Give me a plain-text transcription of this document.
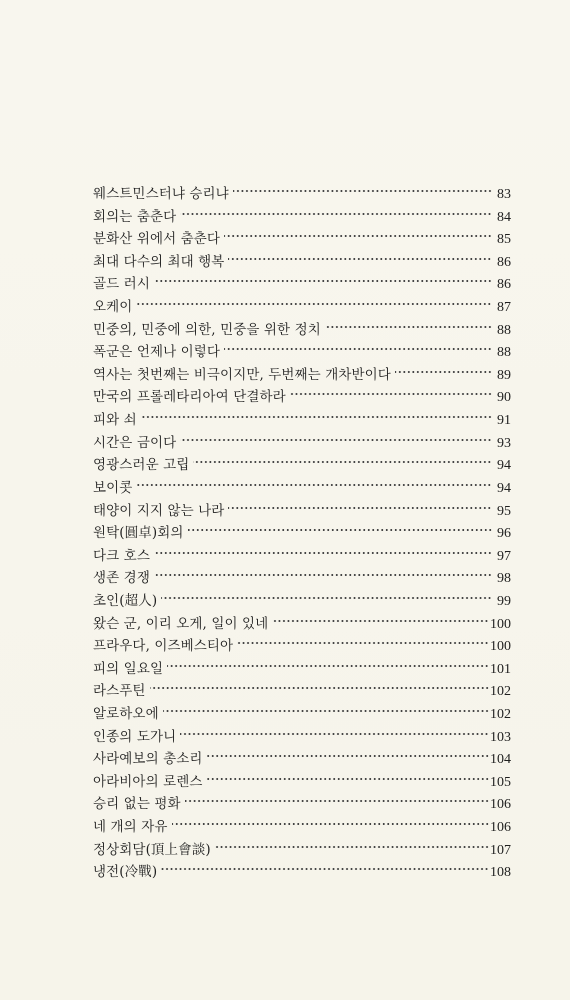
웨스트민스터냐 승리냐	83
회의는 춤춘다	84
분화산 위에서 춤춘다	85
최대 다수의 최대 행복	86
골드 러시	86
오케이	87
민중의, 민중에 의한, 민중을 위한 정치	88
폭군은 언제나 이렇다	88
역사는 첫번째는 비극이지만, 두번째는 개차반이다	89
만국의 프롤레타리아여 단결하라	90
피와 쇠	91
시간은 금이다	93
영광스러운 고립	94
보이콧	94
태양이 지지 않는 나라	95
원탁(圓卓)회의	96
다크 호스	97
생존 경쟁	98
초인(超人)	99
왔슨 군, 이리 오게, 일이 있네	100
프라우다, 이즈베스티아	100
피의 일요일	101
라스푸틴	102
알로하오에	102
인종의 도가니	103
사라예보의 총소리	104
아라비아의 로렌스	105
승리 없는 평화	106
네 개의 자유	106
정상회담(頂上會談)	107
냉전(冷戰)	108
